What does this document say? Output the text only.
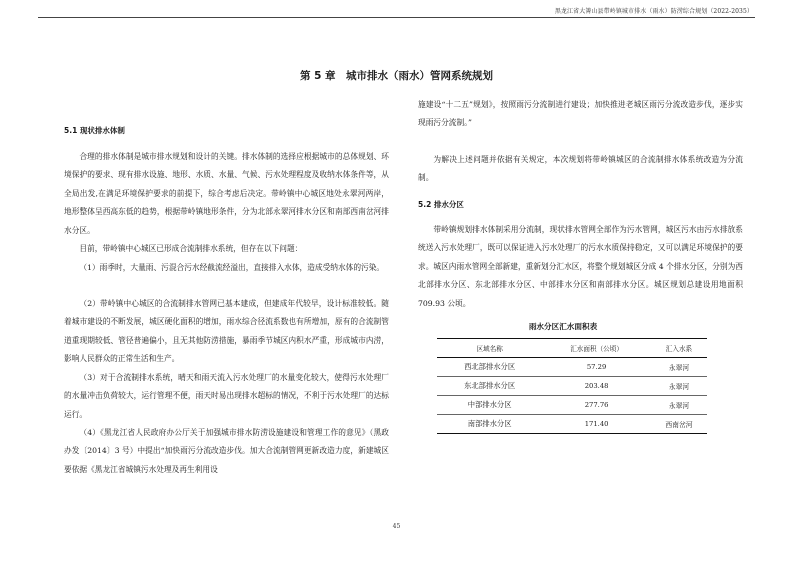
黑龙江省大箐山县带岭镇城市排水（雨水）防涝综合规划（2022-2035）
第 5 章　城市排水（雨水）管网系统规划
5.1 现状排水体制
合理的排水体制是城市排水规划和设计的关键。排水体制的选择应根据城市的总体规划、环境保护的要求、现有排水设施、地形、水质、水量、气候、污水处理程度及收纳水体条件等，从全局出发,在满足环境保护要求的前提下，综合考虑后决定。带岭镇中心城区地处永翠河两岸，地形整体呈西高东低的趋势，根据带岭镇地形条件，分为北部永翠河排水分区和南部西南岔河排水分区。
目前，带岭镇中心城区已形成合流制排水系统，但存在以下问题：
（1）雨季时，大量雨、污混合污水经截流经溢出，直接排入水体，造成受纳水体的污染。
（2）带岭镇中心城区的合流制排水管网已基本建成，但建成年代较早，设计标准较低。随着城市建设的不断发展，城区硬化面积的增加，雨水综合径流系数也有所增加，原有的合流制管道重现期较低、管径普遍偏小，且无其他防涝措施，暴雨季节城区内积水严重，形成城市内涝，影响人民群众的正常生活和生产。
（3）对于合流制排水系统，晴天和雨天流入污水处理厂的水量变化较大，使得污水处理厂的水量冲击负荷较大，运行管理不便，雨天时易出现排水超标的情况，不利于污水处理厂的达标运行。
（4）《黑龙江省人民政府办公厅关于加强城市排水防涝设施建设和管理工作的意见》（黑政办发〔2014〕3 号）中提出“加快雨污分流改造步伐。加大合流制管网更新改造力度，新建城区要依据《黑龙江省城镇污水处理及再生利用设
施建设“十二五”规划》，按照雨污分流制进行建设；加快推进老城区雨污分流改造步伐，逐步实现雨污分流制。”
为解决上述问题并依据有关规定，本次规划将带岭镇城区的合流制排水体系统改造为分流制。
5.2 排水分区
带岭镇规划排水体制采用分流制，现状排水管网全部作为污水管网，城区污水由污水排放系统送入污水处理厂，既可以保证进入污水处理厂的污水水质保持稳定，又可以满足环境保护的要求。城区内雨水管网全部新建，重新划分汇水区，将整个规划城区分成 4 个排水分区，分别为西北部排水分区、东北部排水分区、中部排水分区和南部排水分区。城区规划总建设用地面积 709.93 公顷。
雨水分区汇水面积表
区域名称	汇水面积（公顷）	汇入水系
西北部排水分区	57.29	永翠河
东北部排水分区	203.48	永翠河
中部排水分区	277.76	永翠河
南部排水分区	171.40	西南岔河
45
